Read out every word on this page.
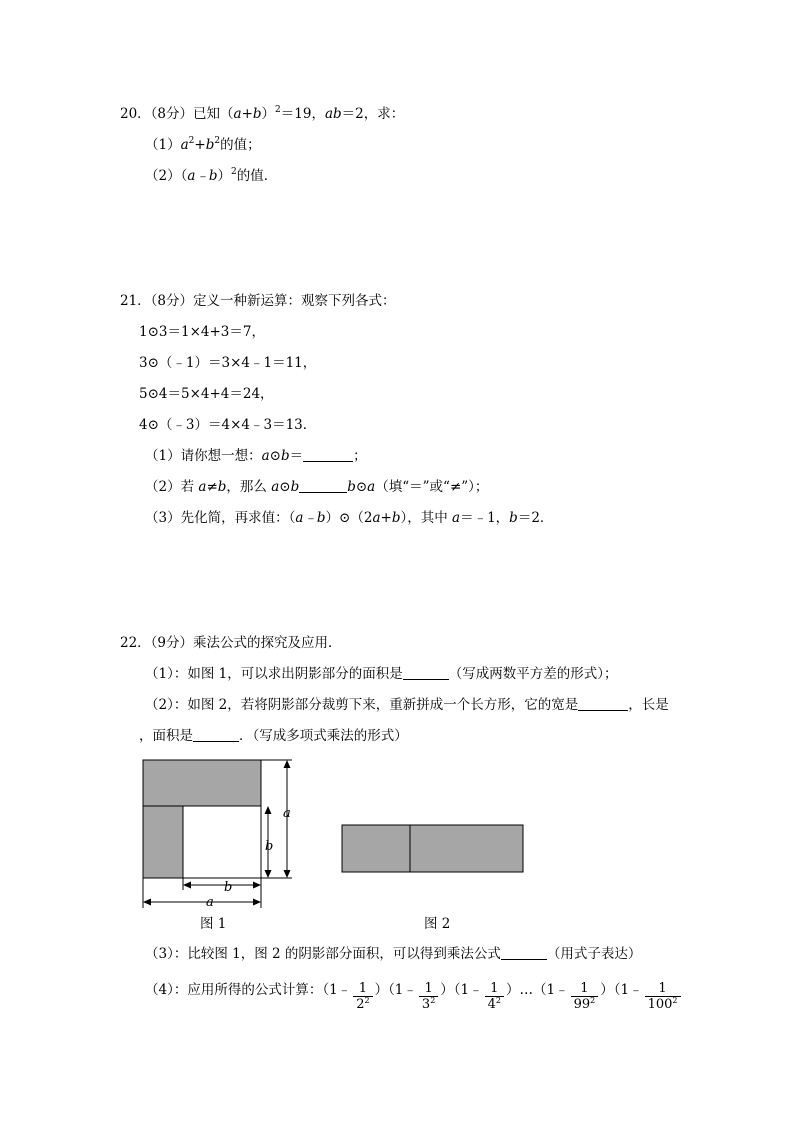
20．（8分）已知$(a+b)^2=19$，ab＝2，求：
$(1)a^2+b^2$的值；
（2）（a﹣b）$^2$的值．
21．（8分）定义一种新运算：观察下列各式：
1⊙3＝1×4+3＝7，
3⊙（﹣1）＝3×4﹣1＝11，
5⊙4＝5×4+4＝24，
4⊙（﹣3）＝4×4﹣3＝13．
（1）请你想一想：a⊙b＝	；
（2）若 a≠b，那么 a⊙b	b⊙a（填“＝”或“≠”）；
（3）先化简，再求值：（a﹣b）⊙（2a+b），其中 a＝﹣1，b＝2．
22．（9分）乘法公式的探究及应用．
（1）：如图 1，可以求出阴影部分的面积是	（写成两数平方差的形式）；
（2）：如图 2，若将阴影部分裁剪下来，重新拼成一个长方形，它的宽是	，长是
，面积是	．（写成多项式乘法的形式）
a
b
b
a
图 1	图 2
（3）：比较图 1，图 2 的阴影部分面积，可以得到乘法公式	（用式子表达）
（4）：应用所得的公式计算：（1﹣ $\frac{1}{2^2}$ ）（1﹣ $\frac{1}{3^2}$ ）（1﹣ $\frac{1}{4^2}$ ）…（1﹣ $\frac{1}{99^2}$ ）（1﹣ $\frac{1}{100^2}$
